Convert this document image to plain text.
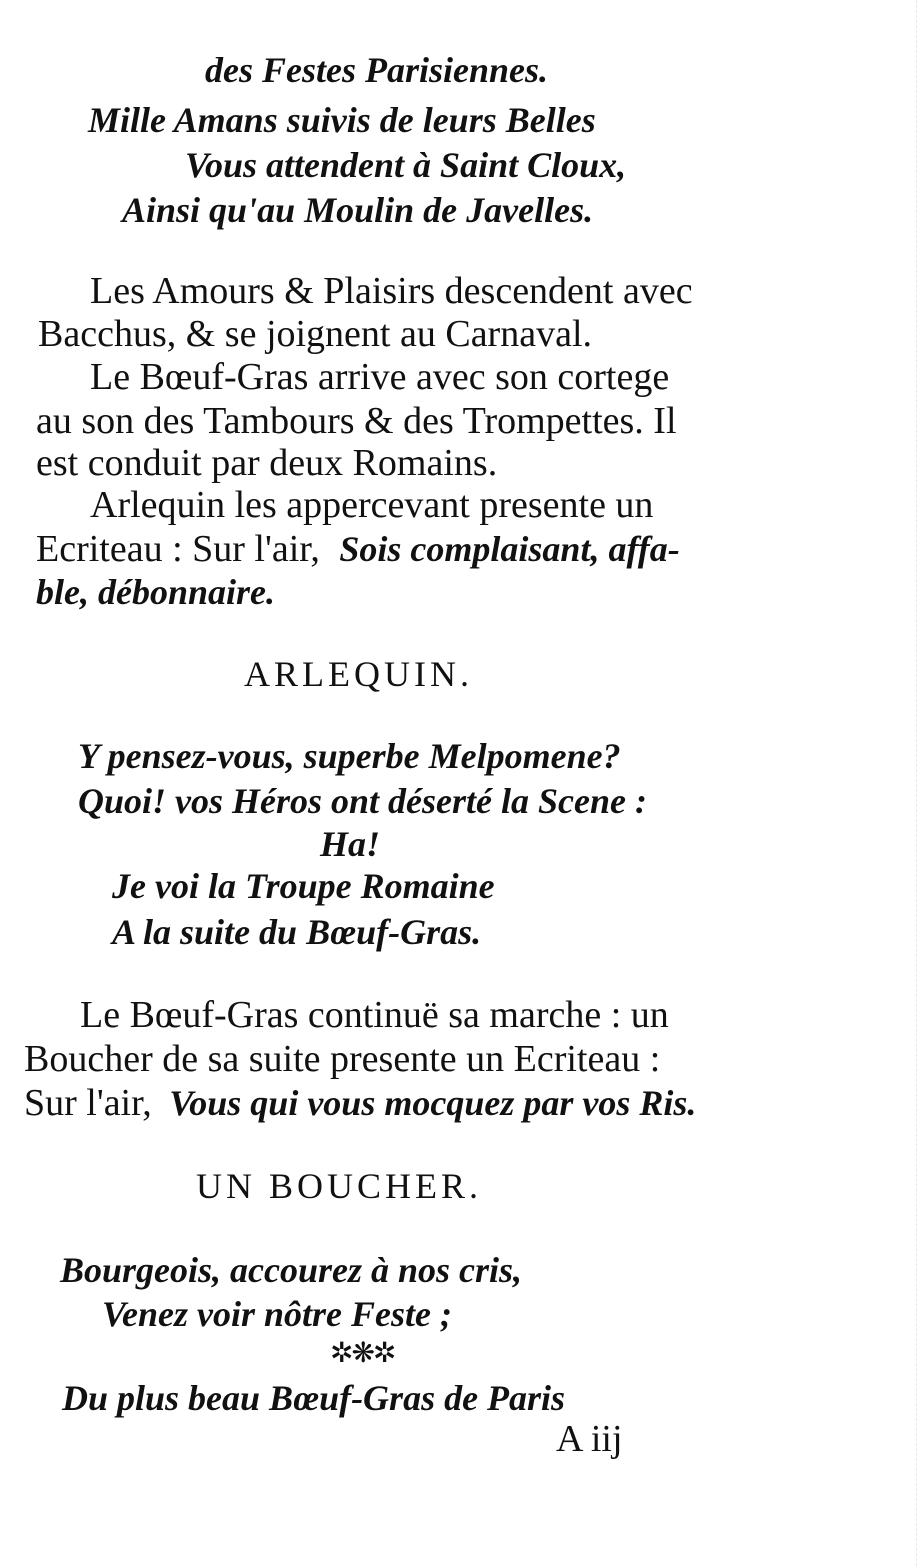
des Festes Parisiennes.
Mille Amans suivis de leurs Belles
Vous attendent à Saint Cloux,
Ainsi qu'au Moulin de Javelles.
Les Amours & Plaisirs descendent avec
Bacchus, & se joignent au Carnaval.
Le Bœuf-Gras arrive avec son cortege
au son des Tambours & des Trompettes. Il
est conduit par deux Romains.
Arlequin les appercevant presente un
Ecriteau : Sur l'air, Sois complaisant, affa-
ble, débonnaire.
ARLEQUIN.
Y pensez-vous, superbe Melpomene?
Quoi! vos Héros ont déserté la Scene :
Ha!
Je voi la Troupe Romaine
A la suite du Bœuf-Gras.
Le Bœuf-Gras continuë sa marche : un
Boucher de sa suite presente un Ecriteau :
Sur l'air, Vous qui vous mocquez par vos Ris.
UN BOUCHER.
Bourgeois, accourez à nos cris,
Venez voir nôtre Feste ;
✲❋✲
Du plus beau Bœuf-Gras de Paris
A iij
